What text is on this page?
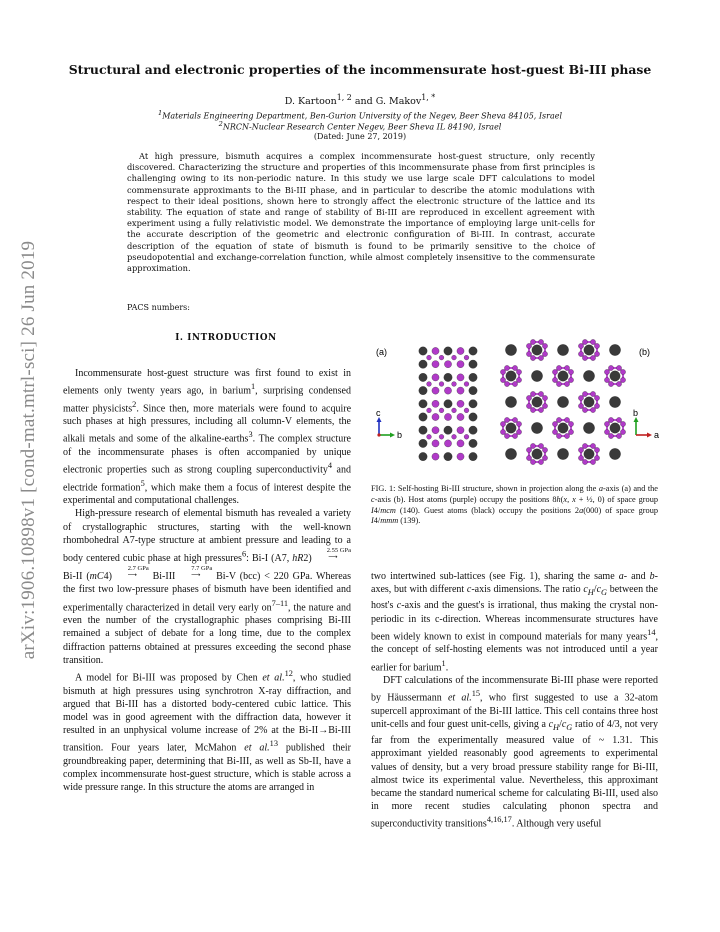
arXiv:1906.10898v1 [cond-mat.mtrl-sci] 26 Jun 2019
Structural and electronic properties of the incommensurate host-guest Bi-III phase
D. Kartoon$^{1, 2}$ and G. Makov$^{1, *}$
$^1$Materials Engineering Department, Ben-Gurion University of the Negev, Beer Sheva 84105, Israel
$^2$NRCN-Nuclear Research Center Negev, Beer Sheva IL 84190, Israel
(Dated: June 27, 2019)
At high pressure, bismuth acquires a complex incommensurate host-guest structure, only recently discovered. Characterizing the structure and properties of this incommensurate phase from first principles is challenging owing to its non-periodic nature. In this study we use large scale DFT calculations to model commensurate approximants to the Bi-III phase, and in particular to describe the atomic modulations with respect to their ideal positions, shown here to strongly affect the electronic structure of the lattice and its stability. The equation of state and range of stability of Bi-III are reproduced in excellent agreement with experiment using a fully relativistic model. We demonstrate the importance of employing large unit-cells for the accurate description of the geometric and electronic configuration of Bi-III. In contrast, accurate description of the equation of state of bismuth is found to be primarily sensitive to the choice of pseudopotential and exchange-correlation function, while almost completely insensitive to the commensurate approximation.
PACS numbers:
I. INTRODUCTION

Incommensurate host-guest structure was first found to exist in elements only twenty years ago, in barium$^1$, surprising condensed matter physicists$^2$. Since then, more materials were found to acquire such phases at high pressures, including all column-V elements, the alkali metals and some of the alkaline-earths$^3$. The complex structure of the incommensurate phases is often accompanied by unique electronic properties such as strong coupling superconductivity$^4$ and electride formation$^5$, which make them a focus of interest despite the experimental and computational challenges.

High-pressure research of elemental bismuth has revealed a variety of crystallographic structures, starting with the well-known rhombohedral A7-type structure at ambient pressure and leading to a body centered cubic phase at high pressures$^6$: Bi-I (A7, hR2) 2.55 GPa
⟶ Bi-II (mC4) 2.7 GPa
⟶ Bi-III 7.7 GPa
⟶ Bi-V (bcc) < 220 GPa. Whereas the first two low-pressure phases of bismuth have been identified and experimentally characterized in detail very early $on^{7-11}$, the nature and even the number of the crystallographic phases comprising Bi-III remained a subject of debate for a long time, due to the complex diffraction patterns obtained at pressures exceeding the second phase transition.

A model for Bi-III was proposed by Chen et al.$^{12}$, who studied bismuth at high pressures using synchrotron X-ray diffraction, and argued that Bi-III has a distorted body-centered cubic lattice. This model was in good agreement with the diffraction data, however it resulted in an unphysical volume increase of 2% at the Bi-II→Bi-III transition. Four years later, McMahon et al.$^{13}$ published their groundbreaking paper, determining that Bi-III, as well as Sb-II, have a complex incommensurate host-guest structure, which is stable across a wide pressure range. In this structure the atoms are arranged in

(a)	(b)
c
b
b
a
FIG. 1: Self-hosting Bi-III structure, shown in projection along the a-axis (a) and the c-axis (b). Host atoms (purple) occupy the positions 8h(x, x + ½, 0) of space group I4/mcm (140). Guest atoms (black) occupy the positions 2a(000) of space group I4/mmm (139).

two intertwined sub-lattices (see Fig. 1), sharing the same a- and b-axes, but with different c-axis dimensions. The ratio $c_H/c_G$ between the host's c-axis and the guest's is irrational, thus making the crystal non-periodic in its c-direction. Whereas incommensurate structures have been widely known to exist in compound materials for many years$^{14}$, the concept of self-hosting elements was not introduced until a year earlier for barium$^1$.

DFT calculations of the incommensurate Bi-III phase were reported by Häussermann et al.$^{15}$, who first suggested to use a 32-atom supercell approximant of the Bi-III lattice. This cell contains three host unit-cells and four guest unit-cells, giving a $c_H/c_G$ ratio of 4/3, not very far from the experimentally measured value of ~ 1.31. This approximant yielded reasonably good agreements to experimental values of density, but a very broad pressure stability range for Bi-III, almost twice its experimental value. Nevertheless, this approximant became the standard numerical scheme for calculating Bi-III, used also in more recent studies calculating phonon spectra and superconductivity transitions$^{4,16,17}$. Although very useful
